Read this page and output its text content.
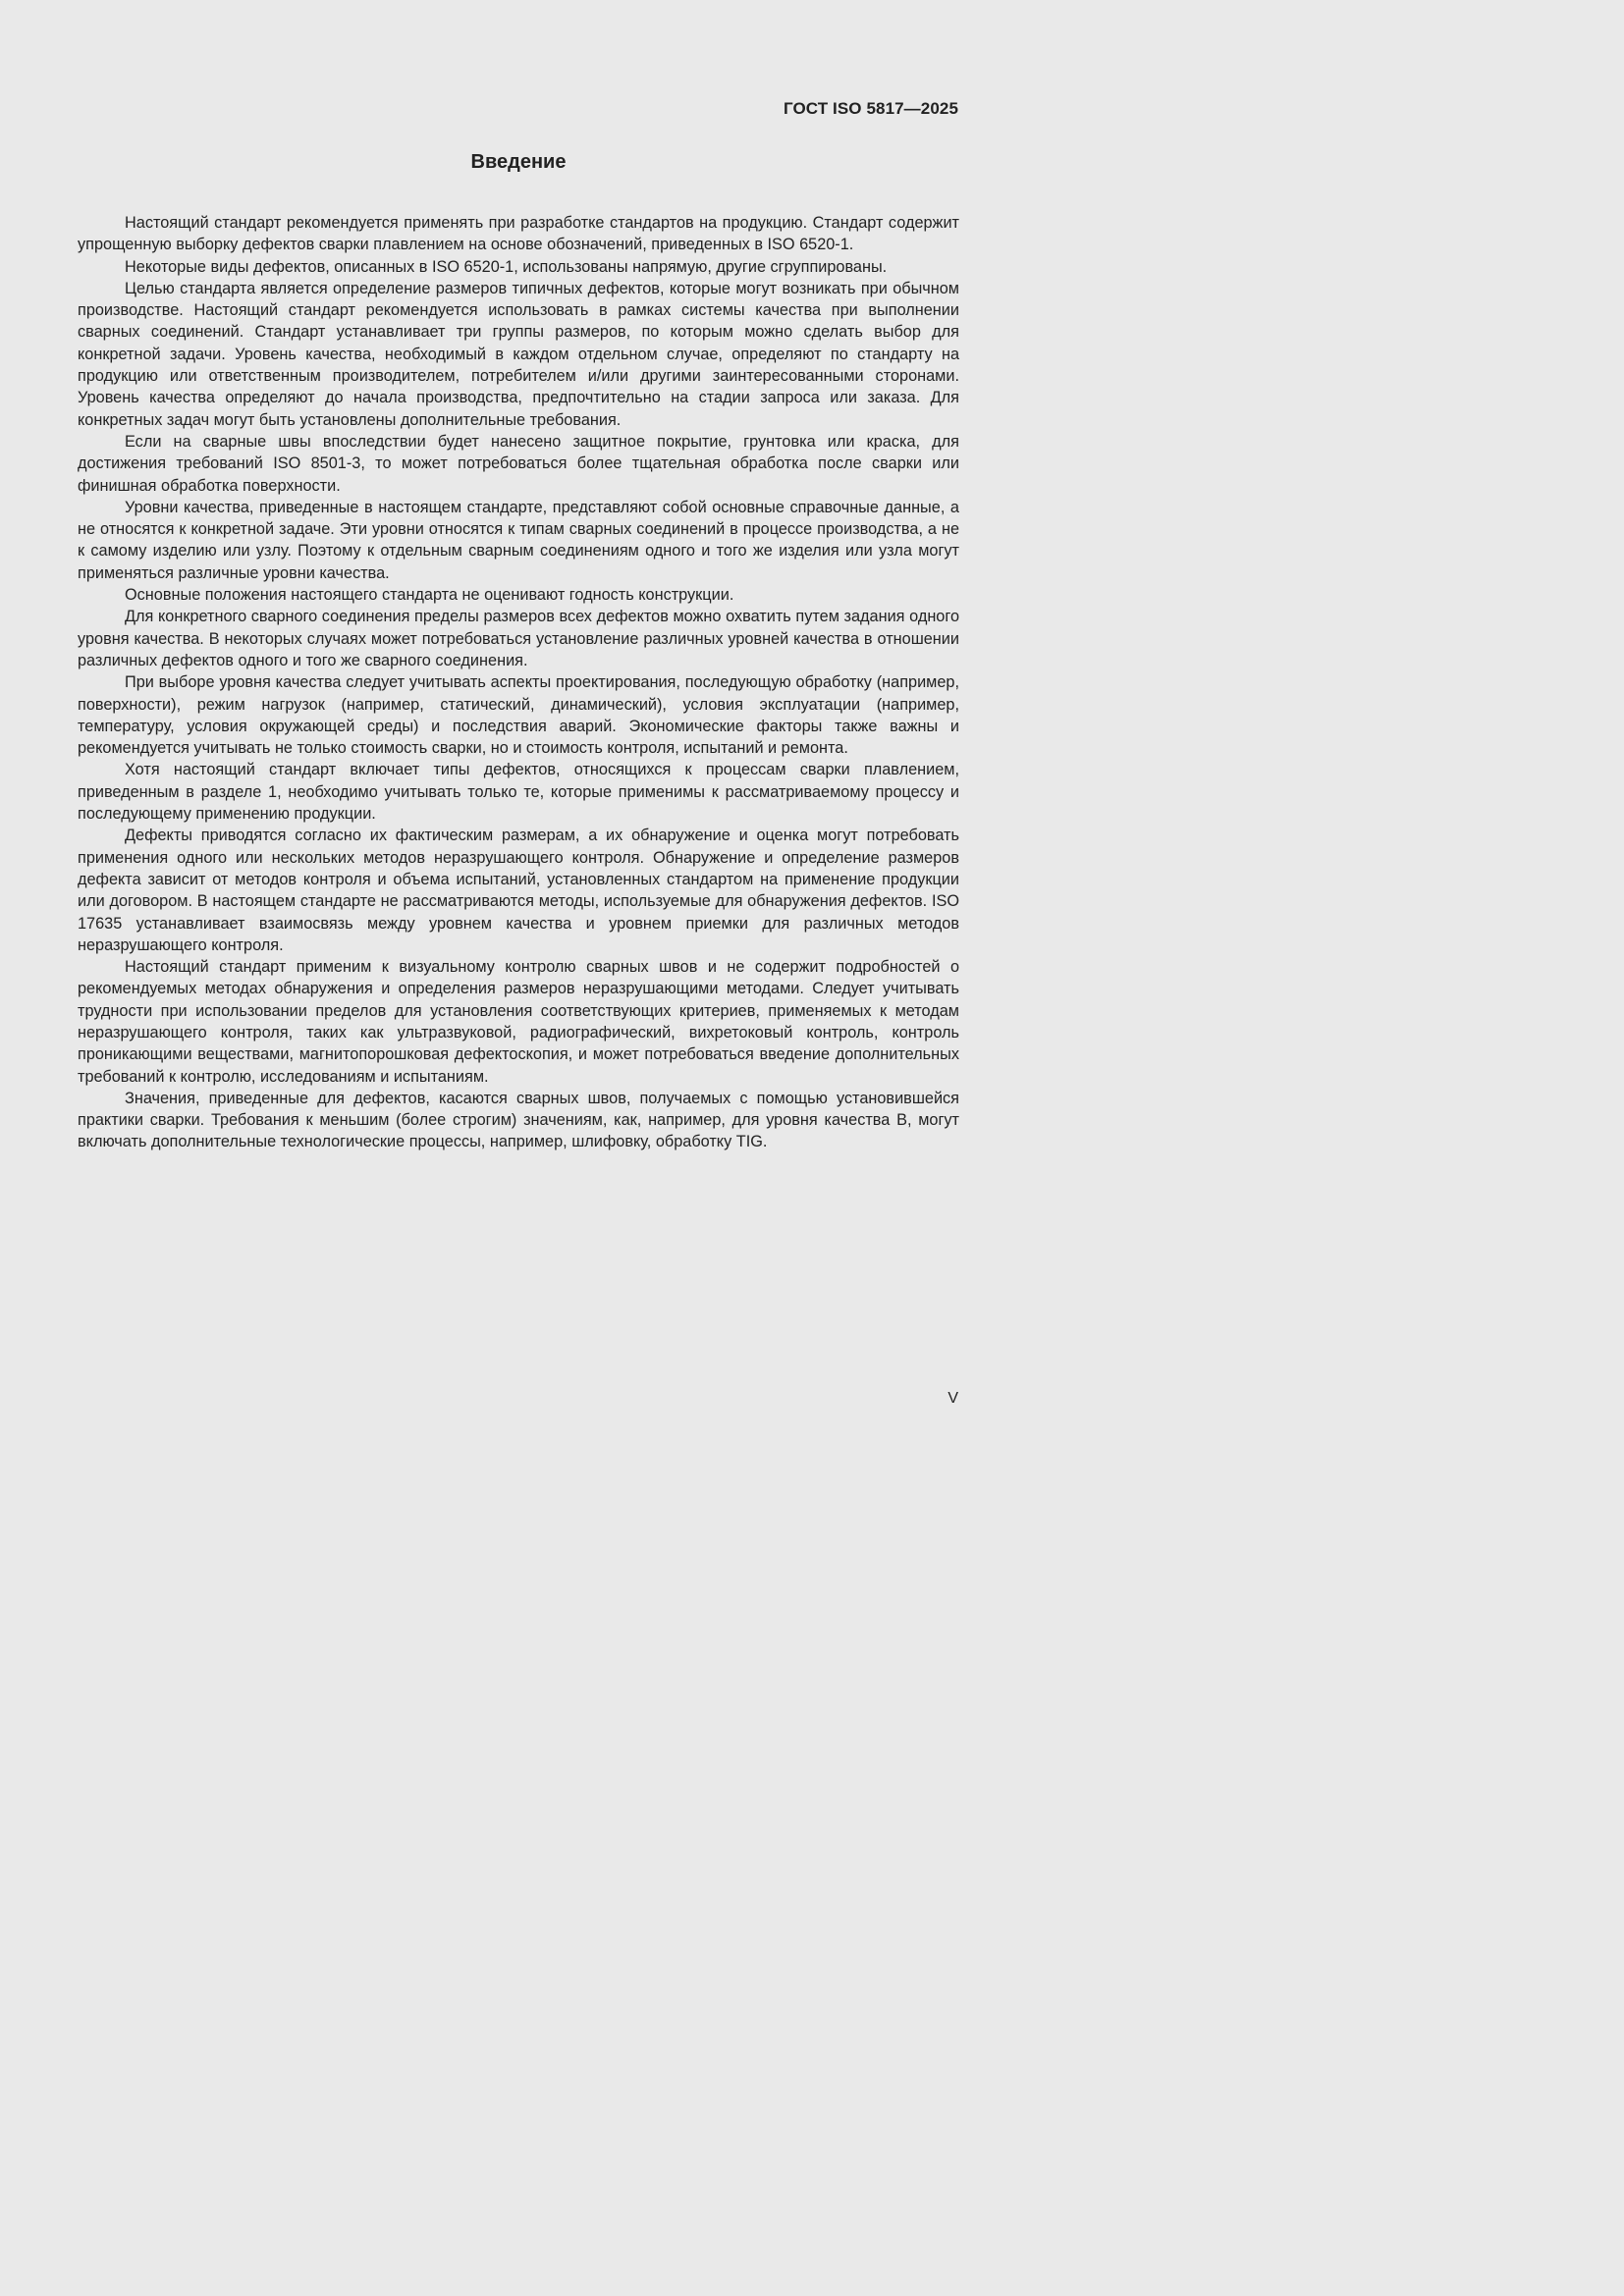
ГОСТ ISO 5817—2025
Введение

Настоящий стандарт рекомендуется применять при разработке стандартов на продукцию. Стандарт содержит упрощенную выборку дефектов сварки плавлением на основе обозначений, приведенных в ISO 6520-1.

Некоторые виды дефектов, описанных в ISO 6520-1, использованы напрямую, другие сгруппированы.

Целью стандарта является определение размеров типичных дефектов, которые могут возникать при обычном производстве. Настоящий стандарт рекомендуется использовать в рамках системы качества при выполнении сварных соединений. Стандарт устанавливает три группы размеров, по которым можно сделать выбор для конкретной задачи. Уровень качества, необходимый в каждом отдельном случае, определяют по стандарту на продукцию или ответственным производителем, потребителем и/или другими заинтересованными сторонами. Уровень качества определяют до начала производства, предпочтительно на стадии запроса или заказа. Для конкретных задач могут быть установлены дополнительные требования.

Если на сварные швы впоследствии будет нанесено защитное покрытие, грунтовка или краска, для достижения требований ISO 8501-3, то может потребоваться более тщательная обработка после сварки или финишная обработка поверхности.

Уровни качества, приведенные в настоящем стандарте, представляют собой основные справочные данные, а не относятся к конкретной задаче. Эти уровни относятся к типам сварных соединений в процессе производства, а не к самому изделию или узлу. Поэтому к отдельным сварным соединениям одного и того же изделия или узла могут применяться различные уровни качества.

Основные положения настоящего стандарта не оценивают годность конструкции.

Для конкретного сварного соединения пределы размеров всех дефектов можно охватить путем задания одного уровня качества. В некоторых случаях может потребоваться установление различных уровней качества в отношении различных дефектов одного и того же сварного соединения.

При выборе уровня качества следует учитывать аспекты проектирования, последующую обработку (например, поверхности), режим нагрузок (например, статический, динамический), условия эксплуатации (например, температуру, условия окружающей среды) и последствия аварий. Экономические факторы также важны и рекомендуется учитывать не только стоимость сварки, но и стоимость контроля, испытаний и ремонта.

Хотя настоящий стандарт включает типы дефектов, относящихся к процессам сварки плавлением, приведенным в разделе 1, необходимо учитывать только те, которые применимы к рассматриваемому процессу и последующему применению продукции.

Дефекты приводятся согласно их фактическим размерам, а их обнаружение и оценка могут потребовать применения одного или нескольких методов неразрушающего контроля. Обнаружение и определение размеров дефекта зависит от методов контроля и объема испытаний, установленных стандартом на применение продукции или договором. В настоящем стандарте не рассматриваются методы, используемые для обнаружения дефектов. ISO 17635 устанавливает взаимосвязь между уровнем качества и уровнем приемки для различных методов неразрушающего контроля.

Настоящий стандарт применим к визуальному контролю сварных швов и не содержит подробностей о рекомендуемых методах обнаружения и определения размеров неразрушающими методами. Следует учитывать трудности при использовании пределов для установления соответствующих критериев, применяемых к методам неразрушающего контроля, таких как ультразвуковой, радиографический, вихретоковый контроль, контроль проникающими веществами, магнитопорошковая дефектоскопия, и может потребоваться введение дополнительных требований к контролю, исследованиям и испытаниям.

Значения, приведенные для дефектов, касаются сварных швов, получаемых с помощью установившейся практики сварки. Требования к меньшим (более строгим) значениям, как, например, для уровня качества B, могут включать дополнительные технологические процессы, например, шлифовку, обработку TIG.

V
